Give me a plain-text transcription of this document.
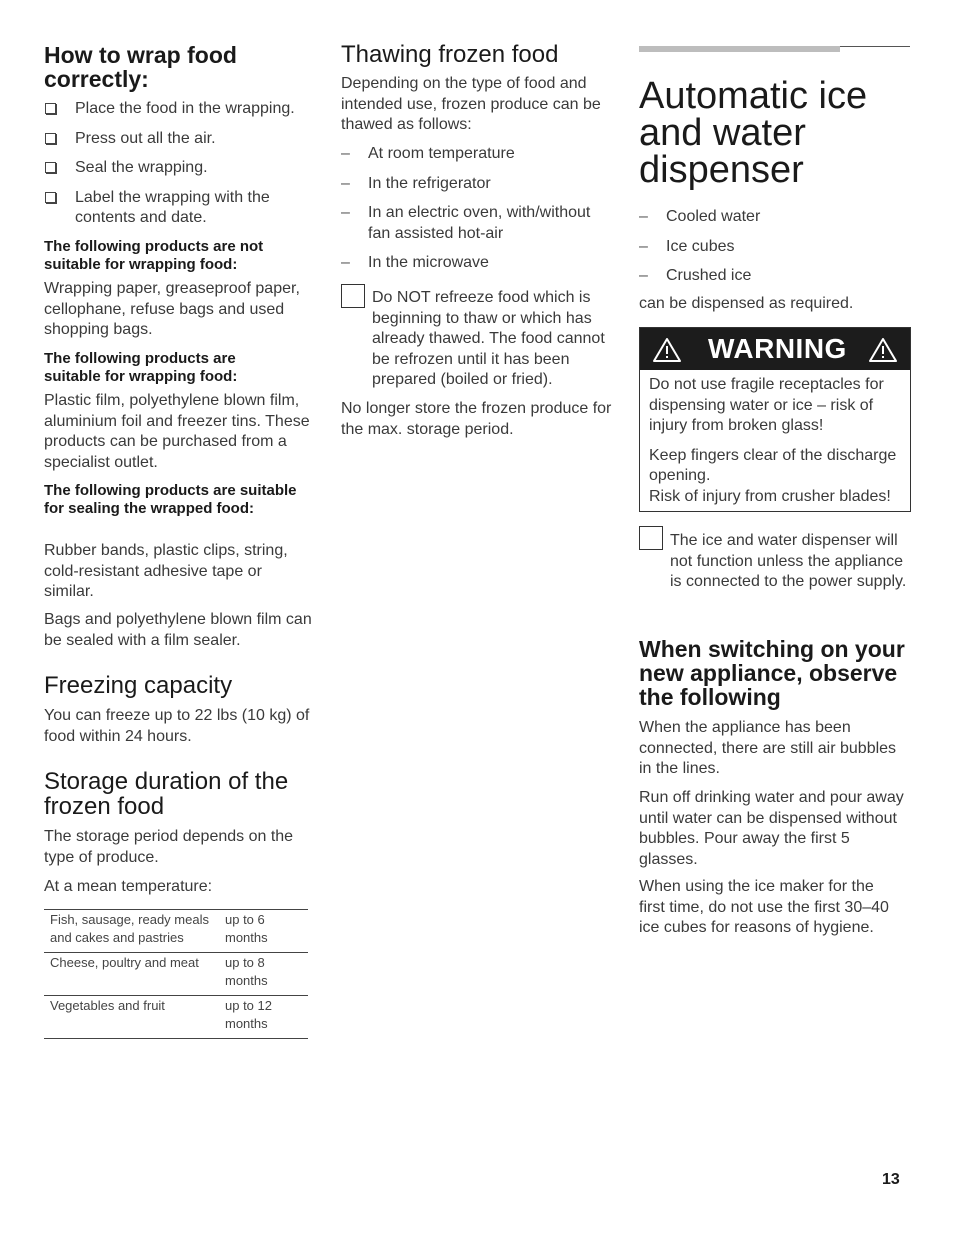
How to wrap food correctly:
Place the food in the wrapping.
Press out all the air.
Seal the wrapping.
Label the wrapping with the contents and date.

The following products are not suitable for wrapping food:

Wrapping paper, greaseproof paper, cellophane, refuse bags and used shopping bags.

The following products are suitable for wrapping food:

Plastic film, polyethylene blown film, aluminium foil and freezer tins. These products can be purchased from a specialist outlet.

The following products are suitable for sealing the wrapped food:

Rubber bands, plastic clips, string, cold-resistant adhesive tape or similar.

Bags and polyethylene blown film can be sealed with a film sealer.

Freezing capacity

You can freeze up to 22 lbs (10 kg) of food within 24 hours.

Storage duration of the frozen food

The storage period depends on the type of produce.

At a mean temperature:

Fish, sausage, ready meals and cakes and pastries	up to 6 months
Cheese, poultry and meat	up to 8 months
Vegetables and fruit	up to 12 months
Thawing frozen food

Depending on the type of food and intended use, frozen produce can be thawed as follows:

– At room temperature
– In the refrigerator
– In an electric oven, with/without fan assisted hot-air
– In the microwave

Do NOT refreeze food which is beginning to thaw or which has already thawed. The food cannot be refrozen until it has been prepared (boiled or fried).

No longer store the frozen produce for the max. storage period.

Automatic ice and water dispenser
– Cooled water
– Ice cubes
– Crushed ice

can be dispensed as required.

WARNING

Do not use fragile receptacles for dispensing water or ice – risk of injury from broken glass!

Keep fingers clear of the discharge opening.
Risk of injury from crusher blades!

The ice and water dispenser will not function unless the appliance is connected to the power supply.

When switching on your new appliance, observe the following

When the appliance has been connected, there are still air bubbles in the lines.

Run off drinking water and pour away until water can be dispensed without bubbles. Pour away the first 5 glasses.

When using the ice maker for the first time, do not use the first 30–40 ice cubes for reasons of hygiene.

13
